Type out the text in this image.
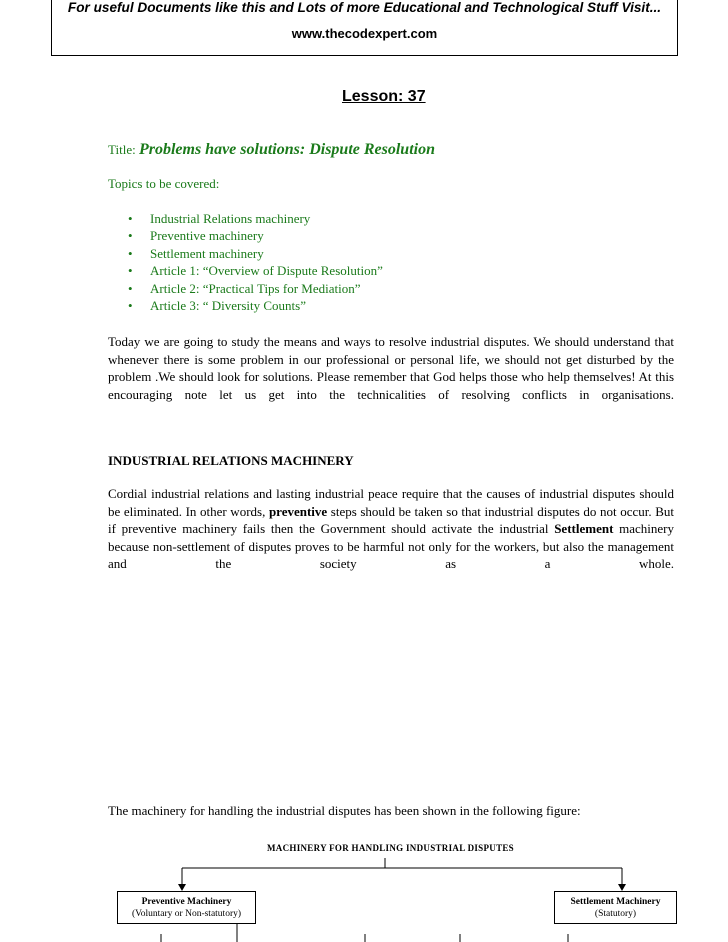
For useful Documents like this and Lots of more Educational and Technological Stuff Visit...
www.thecodexpert.com
Lesson: 37
Title: Problems have solutions: Dispute Resolution
Topics to be covered:
• Industrial Relations machinery
• Preventive machinery
• Settlement machinery
• Article 1: “Overview of Dispute Resolution”
• Article 2: “Practical Tips for Mediation”
• Article 3: “ Diversity Counts”

Today we are going to study the means and ways to resolve industrial disputes. We should understand that whenever there is some problem in our professional or personal life, we should not get disturbed by the problem .We should look for solutions. Please remember that God helps those who help themselves! At this encouraging note let us get into the technicalities of resolving conflicts in organisations.

INDUSTRIAL RELATIONS MACHINERY

Cordial industrial relations and lasting industrial peace require that the causes of industrial disputes should be eliminated. In other words, preventive steps should be taken so that industrial disputes do not occur. But if preventive machinery fails then the Government should activate the industrial Settlement machinery because non-settlement of disputes proves to be harmful not only for the workers, but also the management and the society as a whole.

The machinery for handling the industrial disputes has been shown in the following figure:
MACHINERY FOR HANDLING INDUSTRIAL DISPUTES
Preventive Machinery
(Voluntary or Non-statutory)
Settlement Machinery
(Statutory)
